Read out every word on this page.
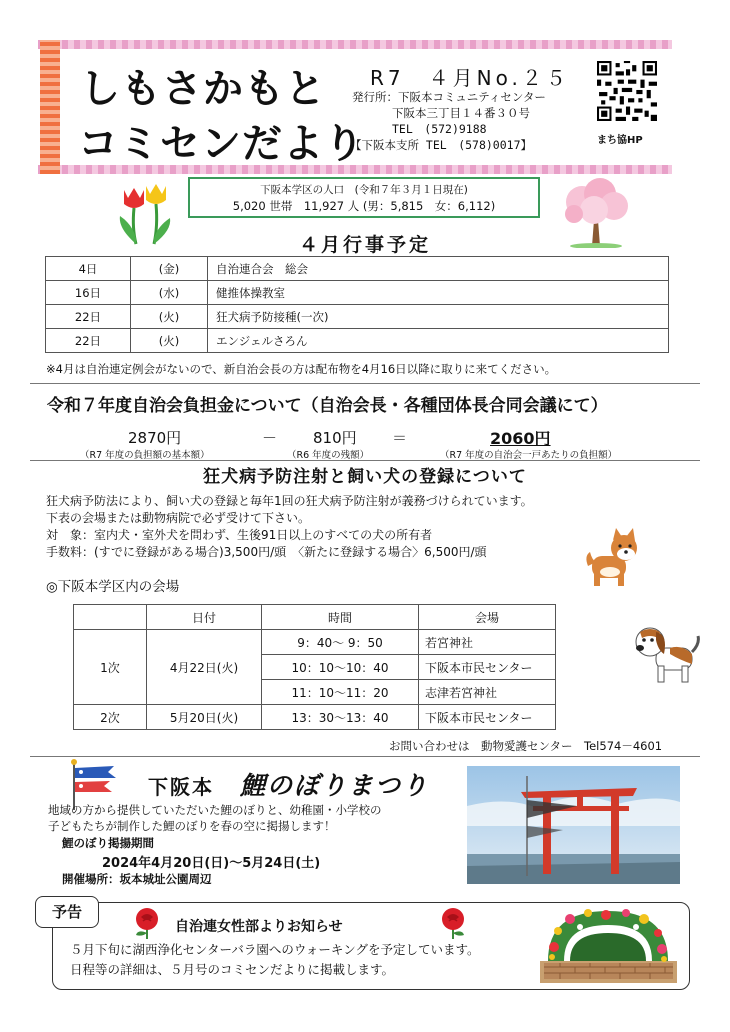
しもさかもと
コミセンだより
R7　４月No.２５
発行所：下阪本コミュニティセンター
下阪本三丁目１４番３０号
TEL　(572)9188
【下阪本支所 TEL　(578)0017】	まち協HP
下阪本学区の人口　(令和７年３月１日現在)
5,020 世帯　11,927 人 (男：5,815　女：6,112)
４月行事予定
4日	(金)	自治連合会　総会
16日	(水)	健推体操教室
22日	(火)	狂犬病予防接種(一次)
22日	(火)	エンジェルさろん
※4月は自治連定例会がないので、新自治会長の方は配布物を4月16日以降に取りに来てください。
令和７年度自治会負担金について（自治会長・各種団体長合同会議にて）
2870円
（R7 年度の負担額の基本額）
－ 810円
（R6 年度の残額）
＝	2060円
（R7 年度の自治会一戸あたりの負担額）
狂犬病予防注射と飼い犬の登録について
狂犬病予防法により、飼い犬の登録と毎年1回の狂犬病予防注射が義務づけられています。
下表の会場または動物病院で必ず受けて下さい。
対　象：室内犬・室外犬を問わず、生後91日以上のすべての犬の所有者
手数料：(すでに登録がある場合)3,500円/頭　〈新たに登録する場合〉6,500円/頭
◎下阪本学区内の会場
	日付	時間	会場
1次	4月22日(火)	9：40～ 9：50	若宮神社
		10：10～10：40	下阪本市民センター
		11：10～11：20	志津若宮神社
2次	5月20日(火)	13：30～13：40	下阪本市民センター
お問い合わせは　動物愛護センター　Tel574－4601
下阪本 鯉のぼりまつり
地域の方から提供していただいた鯉のぼりと、幼稚園・小学校の
子どもたちが制作した鯉のぼりを春の空に掲揚します！
鯉のぼり掲揚期間
2024年4月20日(日)～5月24日(土)
開催場所：坂本城址公園周辺
予告
自治連女性部よりお知らせ
５月下旬に湖西浄化センターバラ園へのウォーキングを予定しています。
日程等の詳細は、５月号のコミセンだよりに掲載します。
